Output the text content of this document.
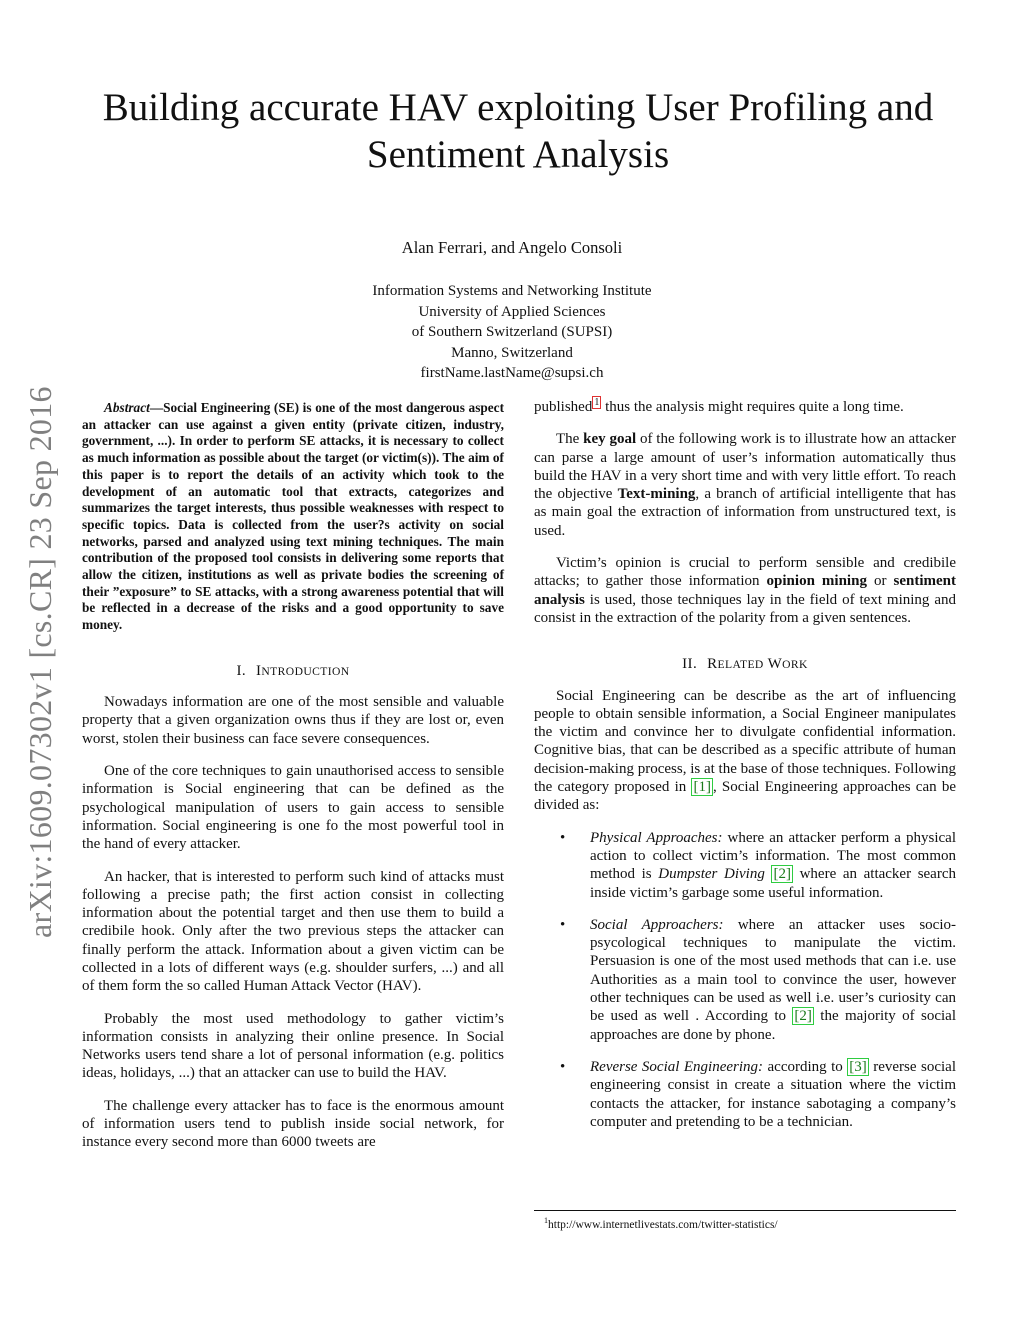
arXiv:1609.07302v1 [cs.CR] 23 Sep 2016
Building accurate HAV exploiting User Profiling and Sentiment Analysis
Alan Ferrari, and Angelo Consoli
Information Systems and Networking Institute
University of Applied Sciences
of Southern Switzerland (SUPSI)
Manno, Switzerland
firstName.lastName@supsi.ch

Abstract—Social Engineering (SE) is one of the most dangerous aspect an attacker can use against a given entity (private citizen, industry, government, ...). In order to perform SE attacks, it is necessary to collect as much information as possible about the target (or victim(s)). The aim of this paper is to report the details of an activity which took to the development of an automatic tool that extracts, categorizes and summarizes the target interests, thus possible weaknesses with respect to specific topics. Data is collected from the user?s activity on social networks, parsed and analyzed using text mining techniques. The main contribution of the proposed tool consists in delivering some reports that allow the citizen, institutions as well as private bodies the screening of their ”exposure” to SE attacks, with a strong awareness potential that will be reflected in a decrease of the risks and a good opportunity to save money.

I. INTRODUCTION

Nowadays information are one of the most sensible and valuable property that a given organization owns thus if they are lost or, even worst, stolen their business can face severe consequences.

One of the core techniques to gain unauthorised access to sensible information is Social engineering that can be defined as the psychological manipulation of users to gain access to sensible information. Social engineering is one fo the most powerful tool in the hand of every attacker.

An hacker, that is interested to perform such kind of attacks must following a precise path; the first action consist in collecting information about the potential target and then use them to build a credibile hook. Only after the two previous steps the attacker can finally perform the attack. Information about a given victim can be collected in a lots of different ways (e.g. shoulder surfers, ...) and all of them form the so called Human Attack Vector (HAV).

Probably the most used methodology to gather victim’s information consists in analyzing their online presence. In Social Networks users tend share a lot of personal information (e.g. politics ideas, holidays, ...) that an attacker can use to build the HAV.

The challenge every attacker has to face is the enormous amount of information users tend to publish inside social network, for instance every second more than 6000 tweets are

published $^1$ thus the analysis might requires quite a long time.

The key goal of the following work is to illustrate how an attacker can parse a large amount of user’s information automatically thus build the HAV in a very short time and with very little effort. To reach the objective Text-mining, a branch of artificial intelligente that has as main goal the extraction of information from unstructured text, is used.

Victim’s opinion is crucial to perform sensible and credibile attacks; to gather those information opinion mining or sentiment analysis is used, those techniques lay in the field of text mining and consist in the extraction of the polarity from a given sentences.

II. RELATED WORK

Social Engineering can be describe as the art of influencing people to obtain sensible information, a Social Engineer manipulates the victim and convince her to divulgate confidential information. Cognitive bias, that can be described as a specific attribute of human decision-making process, is at the base of those techniques. Following the category proposed in [1] , Social Engineering approaches can be divided as:

• Physical Approaches: where an attacker perform a physical action to collect victim’s information. The most common method is Dumpster Diving [2] where an attacker search inside victim’s garbage some useful information.
• Social Approachers: where an attacker uses socio-psycological techniques to manipulate the victim. Persuasion is one of the most used methods that can i.e. use Authorities as a main tool to convince the user, however other techniques can be used as well i.e. user’s curiosity can be used as well . According to [2] the majority of social approaches are done by phone.
• Reverse Social Engineering: according to [3] reverse social engineering consist in create a situation where the victim contacts the attacker, for instance sabotaging a company’s computer and pretending to be a technician.
$^1$http://www.internetlivestats.com/twitter-statistics/
